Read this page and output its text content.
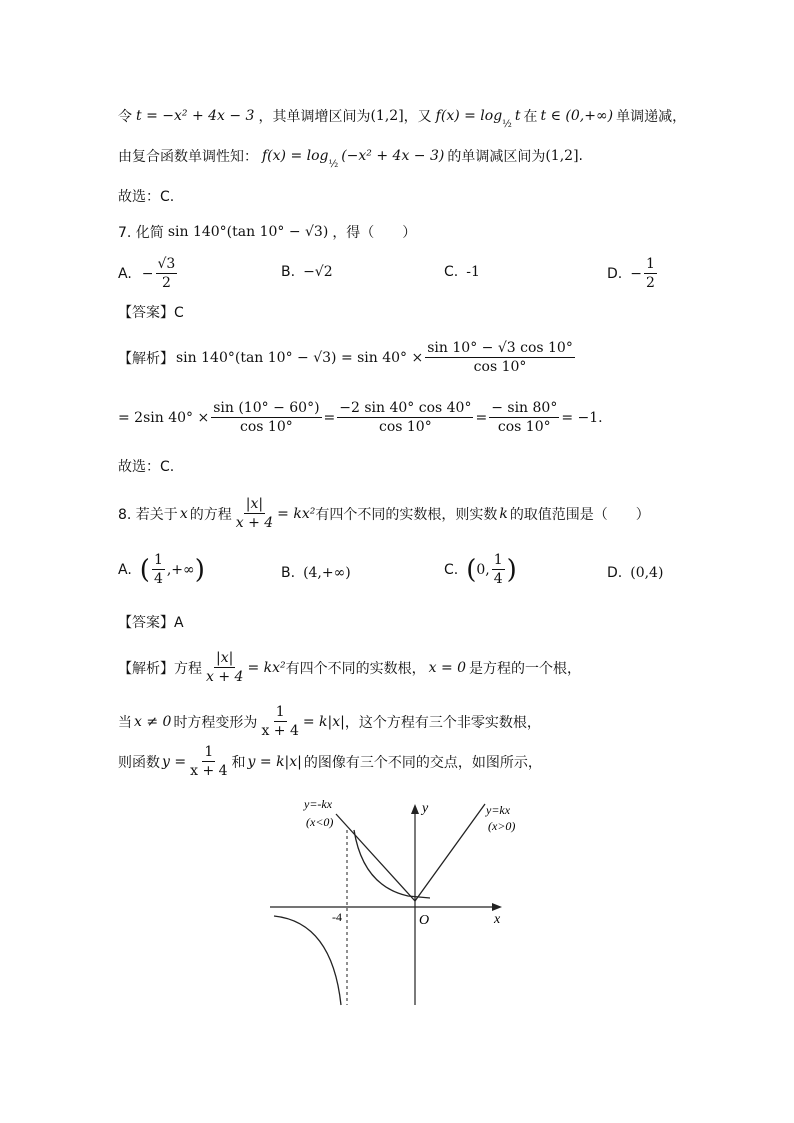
令 t = −x² + 4x − 3 ，其单调增区间为 (1,2] ，又 f(x) = log ½ t 在 t ∈ (0,+∞) 单调递减，
由复合函数单调性知： f(x) = log ½ (−x² + 4x − 3) 的单调减区间为 (1,2] .
故选：C.
7. 化简 sin 140°(tan 10° − √3) ，得（　　）
A. − $\frac{√3}{2}$	B. −√2	C. -1	D. − $\frac{1}{2}$
【答案】C
【解析】 sin 140°(tan $10^\circ - √3) = \sin 40^\circ \times \frac{\sin 10^\circ - √3 \cos 10^\circ}{\cos 10^\circ}$
= 2sin $40^\circ \times \frac{\sin (10^\circ - 60^\circ)}{\cos 10^\circ} = \frac{-2 \sin 40^\circ \cos 40^\circ}{\cos 10^\circ} = \frac{- \sin 80^\circ}{\cos 10^\circ} = -1$.
故选：C.
8. 若关于 x 的方程 $\frac{|x|}{x + 4} = kx^2$ 有四个不同的实数根，则实数 k 的取值范围是（　　）
A. ( $\frac{1}{4}$ ,+∞ )	B. (4,+∞)	C. ( 0, $\frac{1}{4}$ )	D. (0,4)
【答案】A
【解析】 方程 $\frac{|x|}{x + 4} = kx^2$ 有四个不同的实数根， x = 0 是方程的一个根，
当 x ≠ 0 时方程变形为 $\frac{1}{x + 4} = k|x|$ ，这个方程有三个非零实数根，
则函数 $y = \frac{1}{x + 4}$ 和 y = k|x| 的图像有三个不同的交点，如图所示，
y=-kx
(x<0)
y=kx
(x>0)
y
x
O
-4
